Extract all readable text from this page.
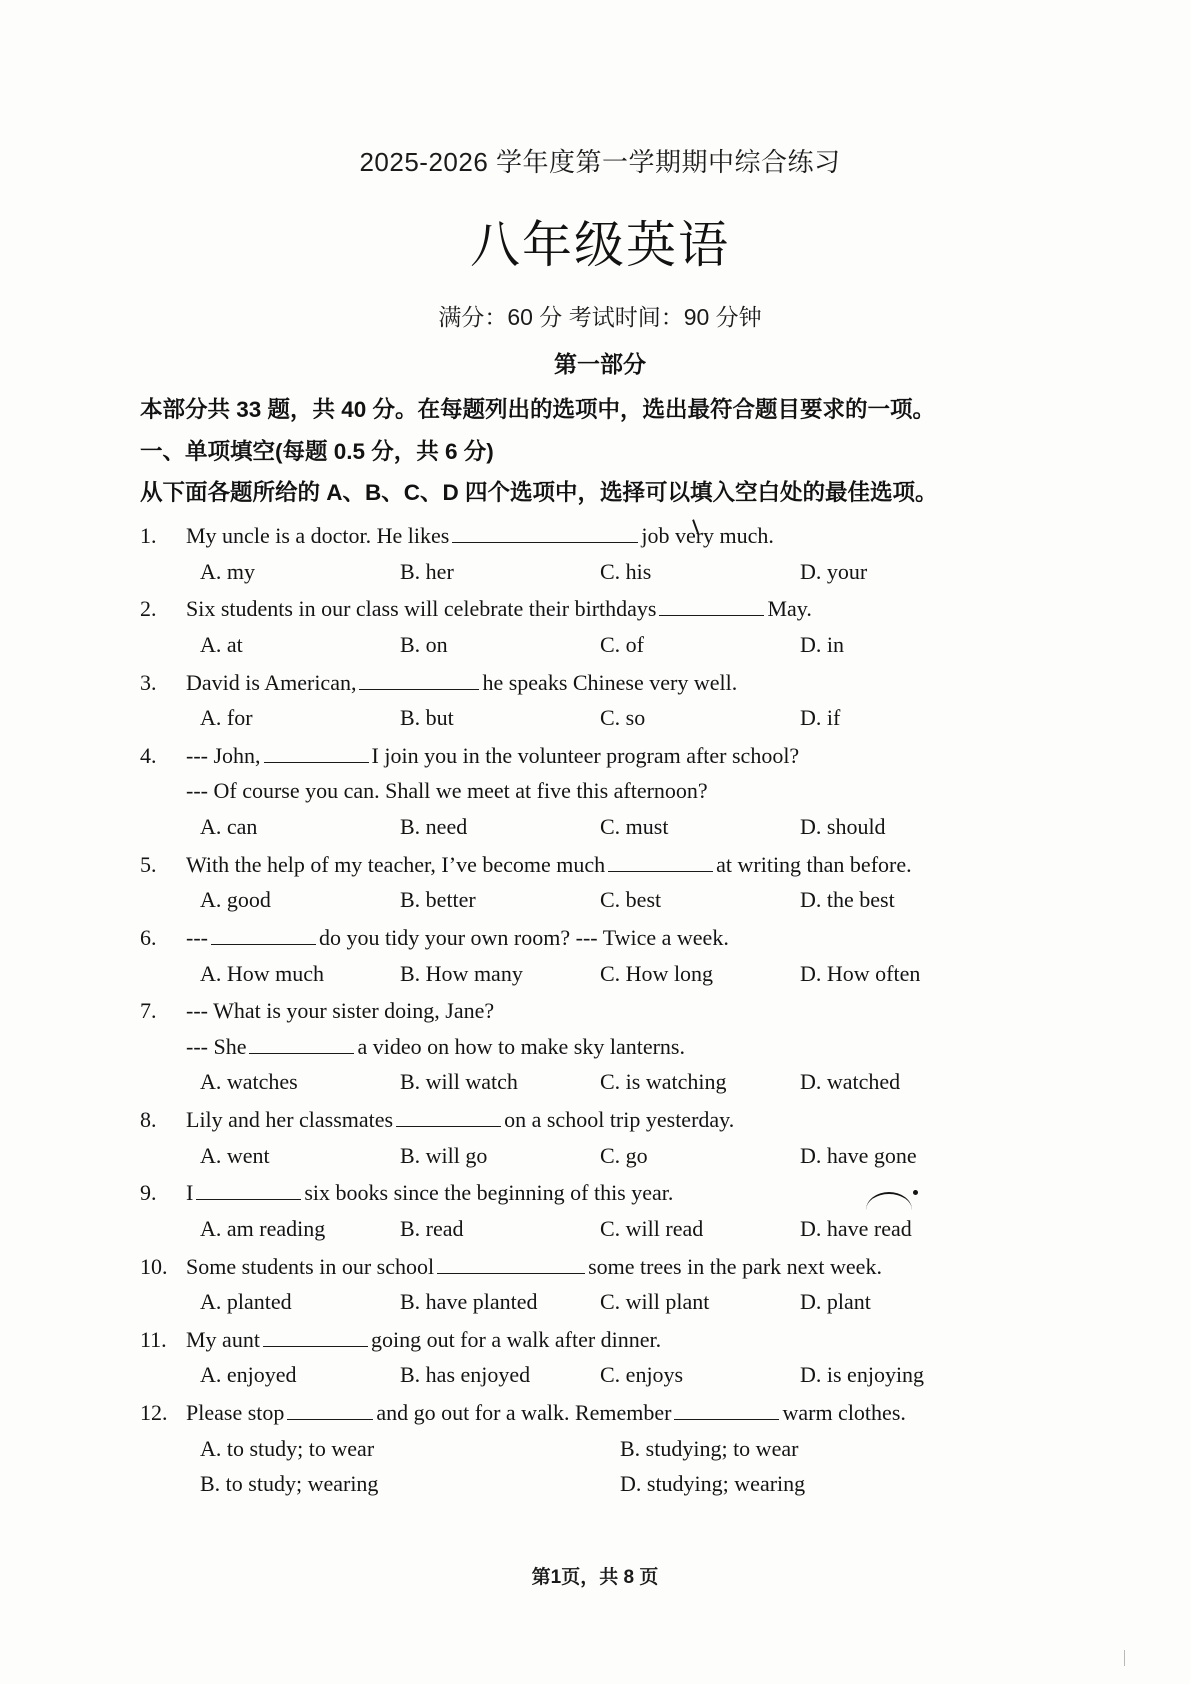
2025-2026 学年度第一学期期中综合练习
八年级英语
满分：60 分 考试时间：90 分钟
第一部分
本部分共 33 题，共 40 分。在每题列出的选项中，选出最符合题目要求的一项。
一、单项填空(每题 0.5 分，共 6 分)
从下面各题所给的 A、B、C、D 四个选项中，选择可以填入空白处的最佳选项。
1.	My uncle is a doctor. He likes	job very much.
A. my	B. her	C. his	D. your
2.	Six students in our class will celebrate their birthdays	May.
A. at	B. on	C. of	D. in
3.	David is American,	he speaks Chinese very well.
A. for	B. but	C. so	D. if
4.	--- John,	I join you in the volunteer program after school?
--- Of course you can. Shall we meet at five this afternoon?
A. can	B. need	C. must	D. should
5.	With the help of my teacher, I’ve become much	at writing than before.
A. good	B. better	C. best	D. the best
6.	---	do you tidy your own room? --- Twice a week.
A. How much	B. How many	C. How long	D. How often
7.	--- What is your sister doing, Jane?
--- She	a video on how to make sky lanterns.
A. watches	B. will watch	C. is watching	D. watched
8.	Lily and her classmates	on a school trip yesterday.
A. went	B. will go	C. go	D. have gone
9.	I	six books since the beginning of this year.
A. am reading	B. read	C. will read	D. have read
10. Some students in our school	some trees in the park next week.
A. planted	B. have planted	C. will plant	D. plant
11. My aunt	going out for a walk after dinner.
A. enjoyed	B. has enjoyed	C. enjoys	D. is enjoying
12. Please stop	and go out for a walk. Remember	warm clothes.
A. to study; to wear	B. studying; to wear
B. to study; wearing	D. studying; wearing
第1页，共 8 页
